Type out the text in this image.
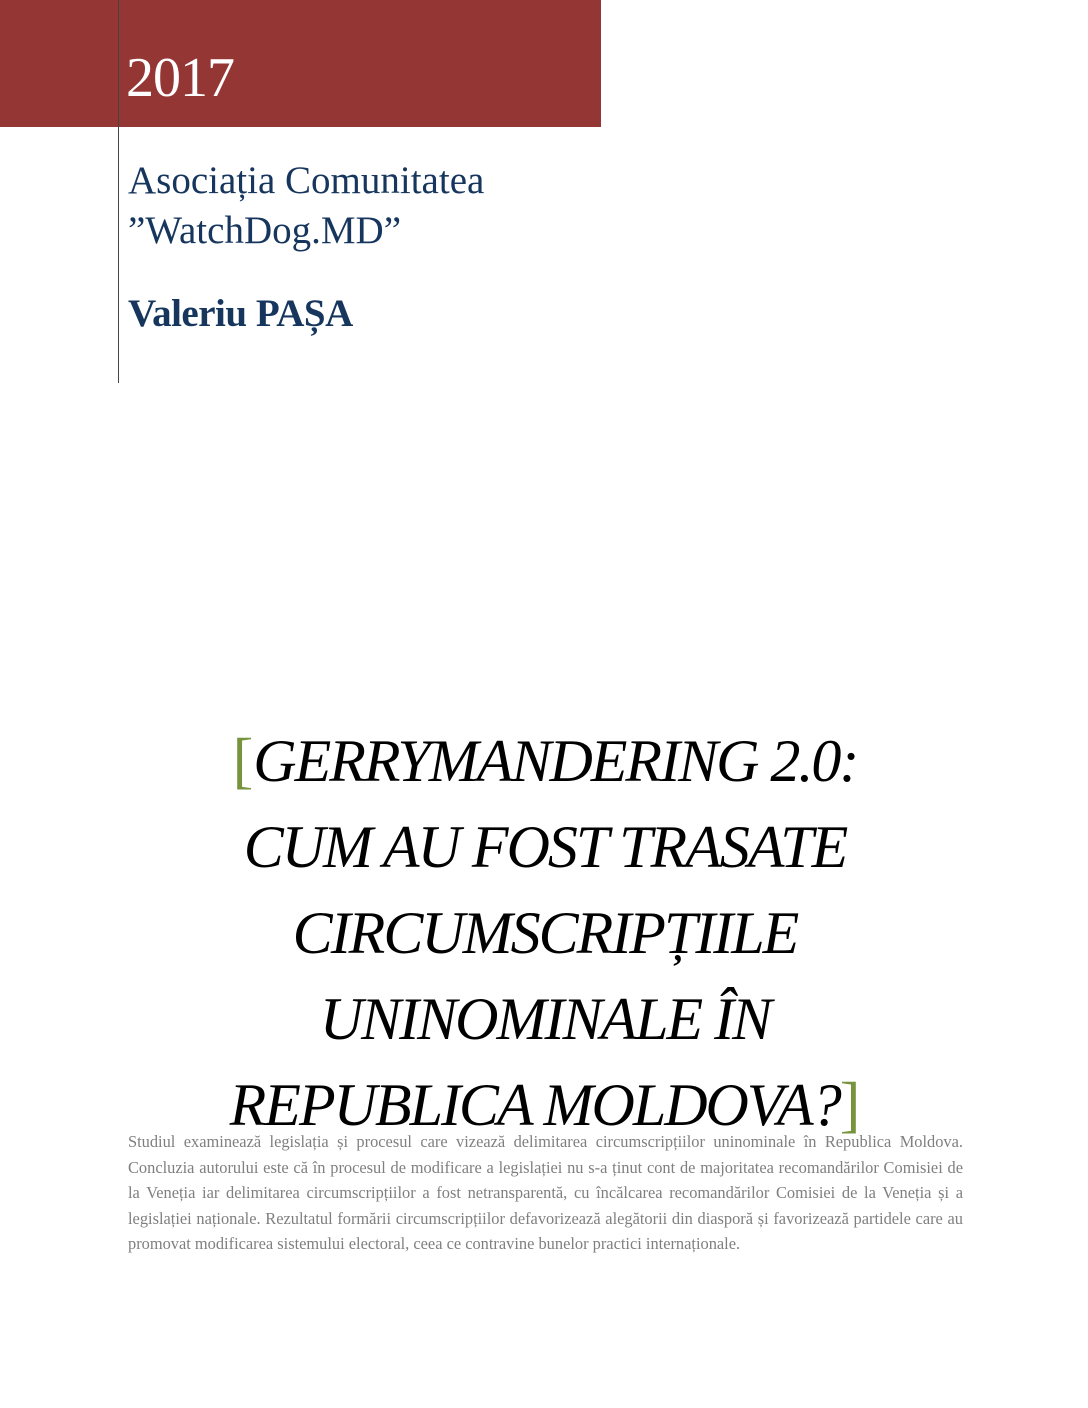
2017
Asociația Comunitatea
”WatchDog.MD”
Valeriu PAȘA
[GERRYMANDERING 2.0:
CUM AU FOST TRASATE
CIRCUMSCRIPȚIILE
UNINOMINALE ÎN
REPUBLICA MOLDOVA?]
Studiul examinează legislația și procesul care vizează delimitarea circumscripțiilor uninominale în Republica Moldova. Concluzia autorului este că în procesul de modificare a legislației nu s-a ținut cont de majoritatea recomandărilor Comisiei de la Veneția iar delimitarea circumscripțiilor a fost netransparentă, cu încălcarea recomandărilor Comisiei de la Veneția și a legislației naționale. Rezultatul formării circumscripțiilor defavorizează alegătorii din diasporă și favorizează partidele care au promovat modificarea sistemului electoral, ceea ce contravine bunelor practici internaționale.
